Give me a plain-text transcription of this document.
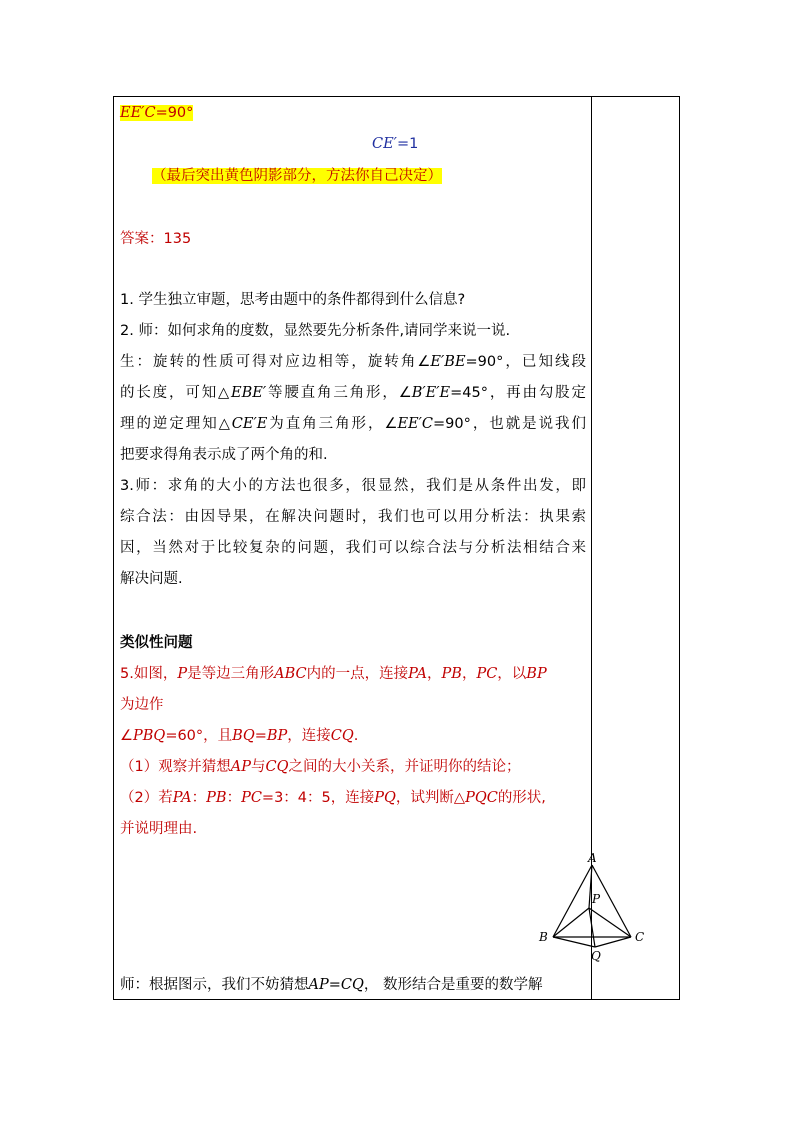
EE′C=90°
CE′=1
（最后突出黄色阴影部分，方法你自己决定）
答案：135
1. 学生独立审题，思考由题中的条件都得到什么信息?
2. 师：如何求角的度数，显然要先分析条件,请同学来说一说.
生：旋转的性质可得对应边相等，旋转角∠E′BE=90°，已知线段
的长度，可知△EBE′等腰直角三角形，∠B′E′E=45°，再由勾股定
理的逆定理知△CE′E为直角三角形，∠EE′C=90°，也就是说我们
把要求得角表示成了两个角的和.
3.师：求角的大小的方法也很多，很显然，我们是从条件出发，即
综合法：由因导果，在解决问题时，我们也可以用分析法：执果索
因，当然对于比较复杂的问题，我们可以综合法与分析法相结合来
解决问题.
类似性问题
5.如图，P是等边三角形ABC内的一点，连接PA，PB，PC，以BP
为边作
∠PBQ=60°，且BQ=BP，连接CQ.
（1）观察并猜想AP与CQ之间的大小关系，并证明你的结论；
（2）若PA：PB：PC=3：4：5，连接PQ，试判断△PQC的形状,
并说明理由.
师：根据图示，我们不妨猜想AP=CQ， 数形结合是重要的数学解
A
P
B	C
Q
